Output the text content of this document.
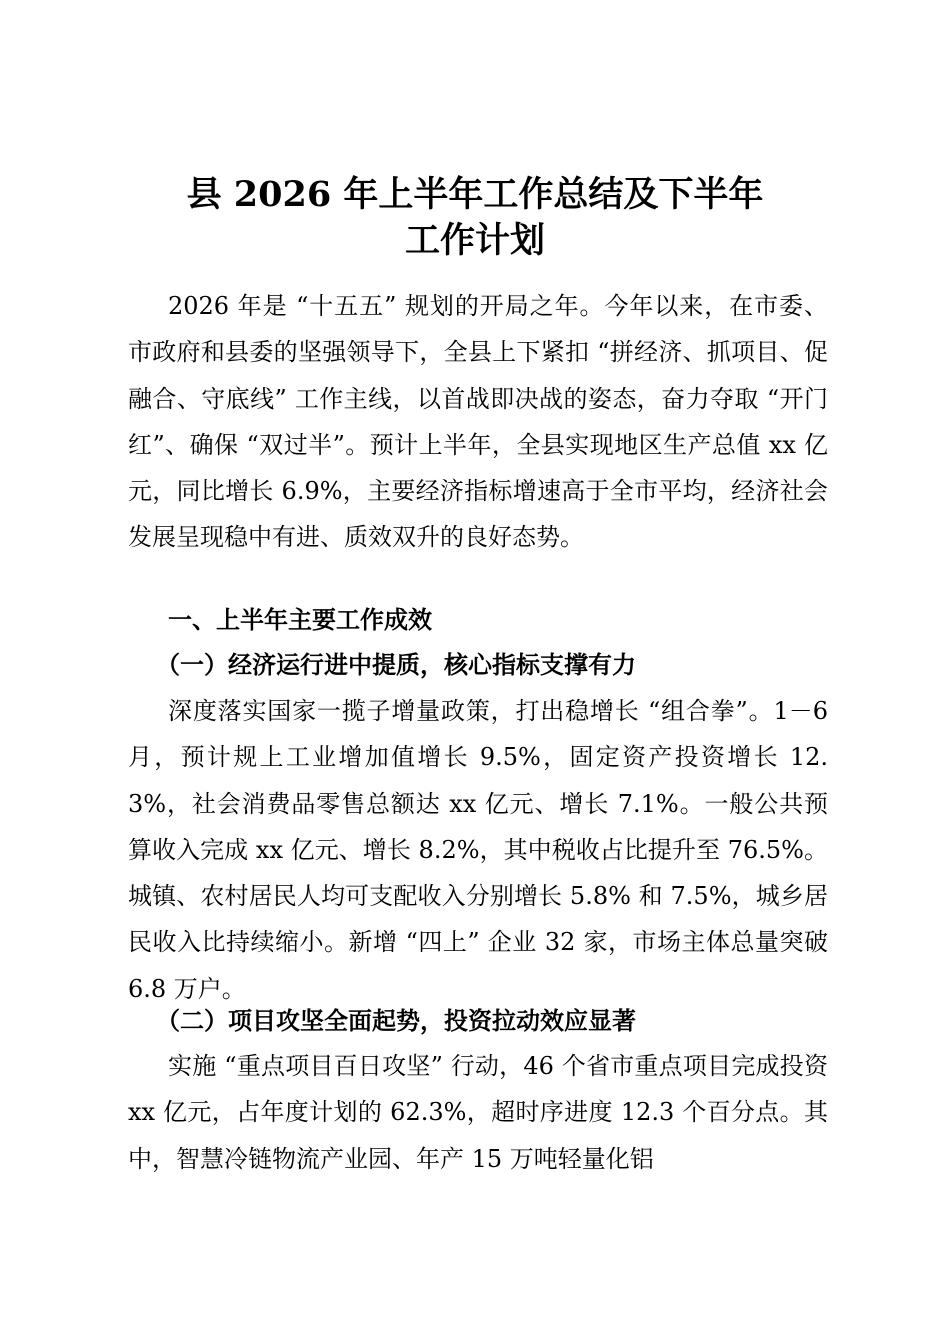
县 2026 年上半年工作总结及下半年
工作计划

2026 年是 “十五五” 规划的开局之年。今年以来，在市委、市政府和县委的坚强领导下，全县上下紧扣 “拼经济、抓项目、促融合、守底线” 工作主线，以首战即决战的姿态，奋力夺取 “开门红”、确保 “双过半”。预计上半年，全县实现地区生产总值 xx 亿元，同比增长 6.9%，主要经济指标增速高于全市平均，经济社会发展呈现稳中有进、质效双升的良好态势。

一、上半年主要工作成效
（一）经济运行进中提质，核心指标支撑有力

深度落实国家一揽子增量政策，打出稳增长 “组合拳”。1－6 月，预计规上工业增加值增长 9.5%，固定资产投资增长 12.3%，社会消费品零售总额达 xx 亿元、增长 7.1%。一般公共预算收入完成 xx 亿元、增长 8.2%，其中税收占比提升至 76.5%。城镇、农村居民人均可支配收入分别增长 5.8% 和 7.5%，城乡居民收入比持续缩小。新增 “四上” 企业 32 家，市场主体总量突破 6.8 万户。

（二）项目攻坚全面起势，投资拉动效应显著

实施 “重点项目百日攻坚” 行动，46 个省市重点项目完成投资 xx 亿元，占年度计划的 62.3%，超时序进度 12.3 个百分点。其中，智慧冷链物流产业园、年产 15 万吨轻量化铝
